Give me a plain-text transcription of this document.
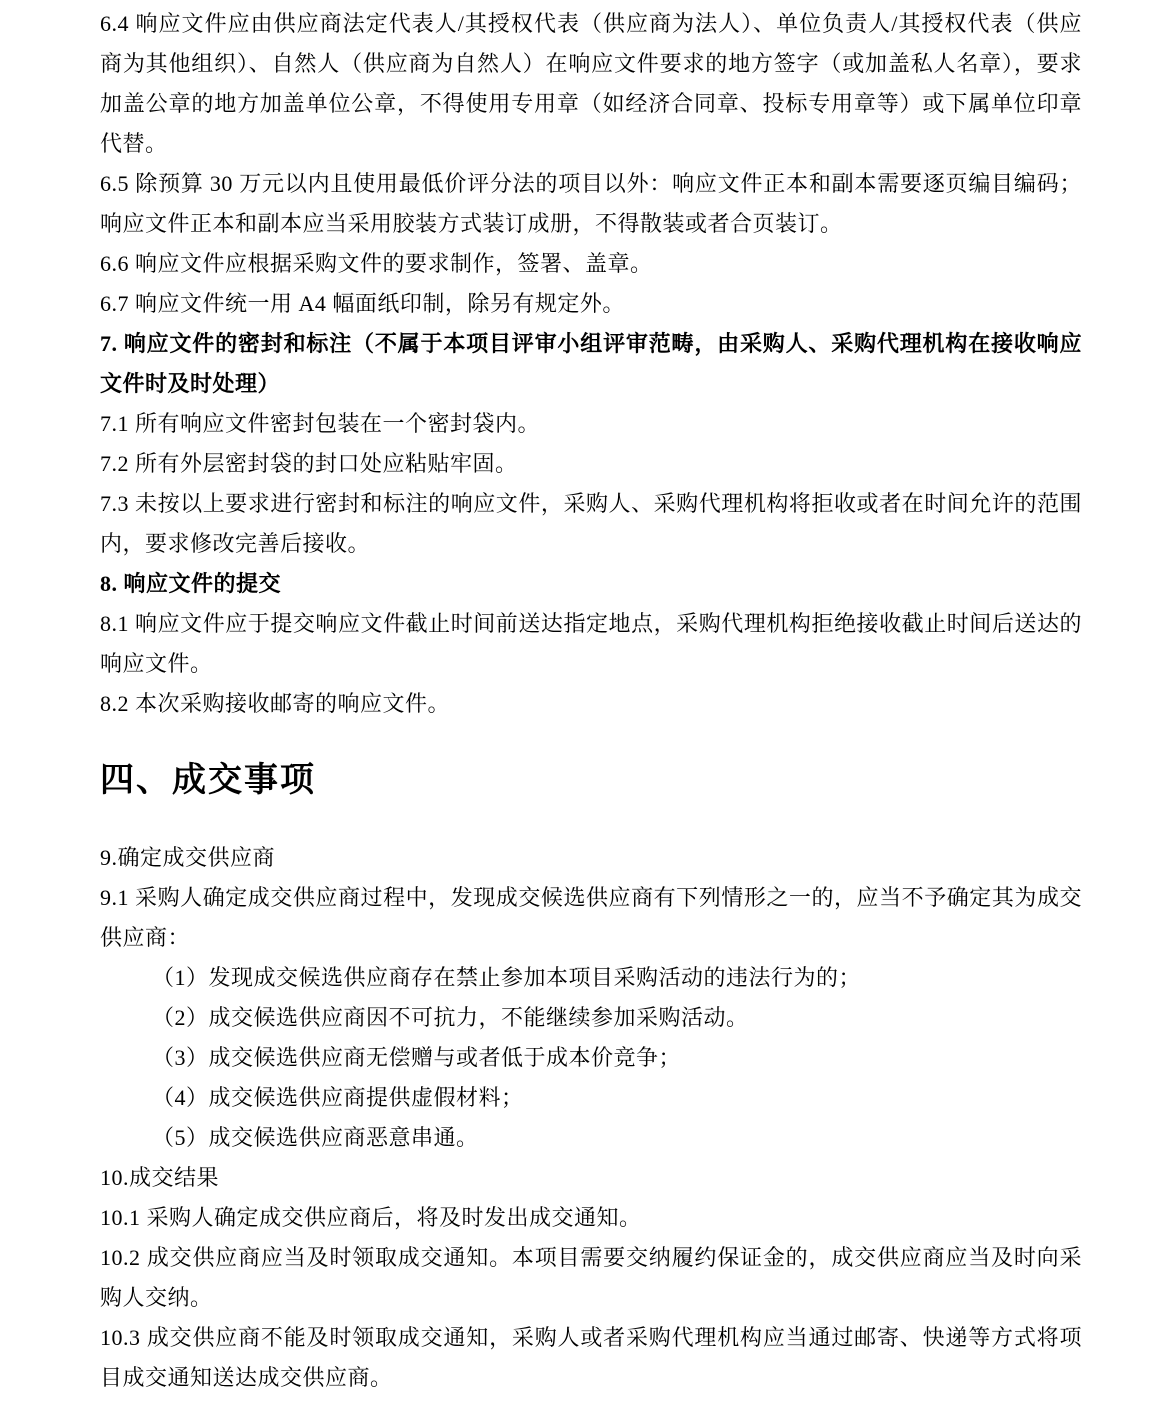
6.4 响应文件应由供应商法定代表人/其授权代表（供应商为法人）、单位负责人/其授权代表（供应商为其他组织）、自然人（供应商为自然人）在响应文件要求的地方签字（或加盖私人名章），要求加盖公章的地方加盖单位公章，不得使用专用章（如经济合同章、投标专用章等）或下属单位印章代替。

6.5 除预算 30 万元以内且使用最低价评分法的项目以外：响应文件正本和副本需要逐页编目编码；响应文件正本和副本应当采用胶装方式装订成册，不得散装或者合页装订。

6.6 响应文件应根据采购文件的要求制作，签署、盖章。

6.7 响应文件统一用 A4 幅面纸印制，除另有规定外。

7. 响应文件的密封和标注（不属于本项目评审小组评审范畴，由采购人、采购代理机构在接收响应文件时及时处理）

7.1 所有响应文件密封包装在一个密封袋内。

7.2 所有外层密封袋的封口处应粘贴牢固。

7.3 未按以上要求进行密封和标注的响应文件，采购人、采购代理机构将拒收或者在时间允许的范围内，要求修改完善后接收。

8. 响应文件的提交

8.1 响应文件应于提交响应文件截止时间前送达指定地点，采购代理机构拒绝接收截止时间后送达的响应文件。

8.2 本次采购接收邮寄的响应文件。

四、成交事项

9.确定成交供应商

9.1 采购人确定成交供应商过程中，发现成交候选供应商有下列情形之一的，应当不予确定其为成交供应商：

（1）发现成交候选供应商存在禁止参加本项目采购活动的违法行为的；

（2）成交候选供应商因不可抗力，不能继续参加采购活动。

（3）成交候选供应商无偿赠与或者低于成本价竞争；

（4）成交候选供应商提供虚假材料；

（5）成交候选供应商恶意串通。

10.成交结果

10.1 采购人确定成交供应商后，将及时发出成交通知。

10.2 成交供应商应当及时领取成交通知。本项目需要交纳履约保证金的，成交供应商应当及时向采购人交纳。

10.3 成交供应商不能及时领取成交通知，采购人或者采购代理机构应当通过邮寄、快递等方式将项目成交通知送达成交供应商。
